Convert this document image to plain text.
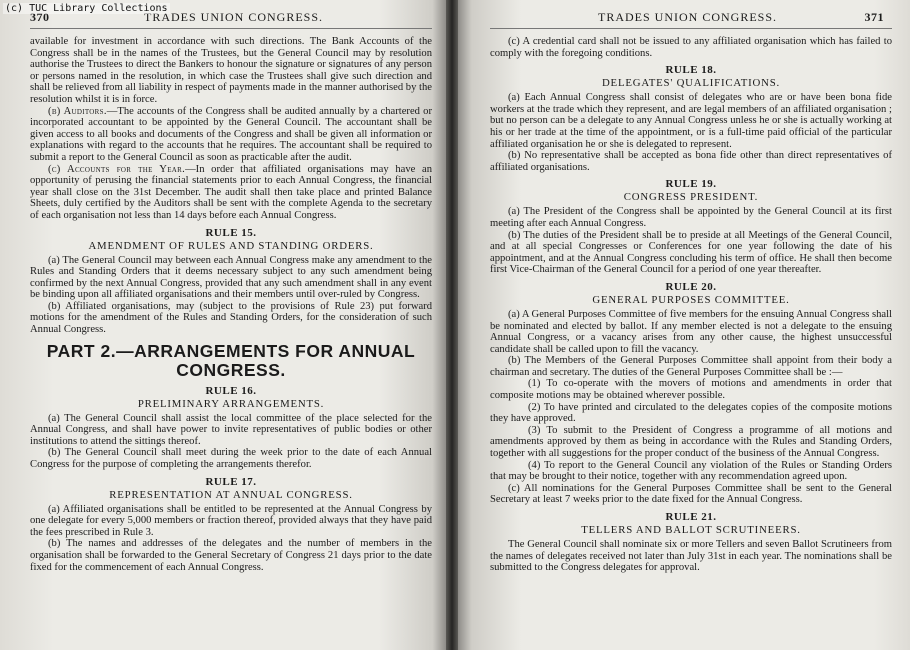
(c) TUC Library Collections
370	TRADES UNION CONGRESS.

available for investment in accordance with such directions. The Bank Accounts of the Congress shall be in the names of the Trustees, but the General Council may by resolution authorise the Trustees to direct the Bankers to honour the signature or signatures of any person or persons named in the resolution, in which case the Trustees shall give such direction and shall be relieved from all liability in respect of payments made in the manner authorised by the resolution whilst it is in force.

(b) Auditors.—The accounts of the Congress shall be audited annually by a chartered or incorporated accountant to be appointed by the General Council. The accountant shall be given access to all books and documents of the Congress and shall be given all information or explanations with regard to the accounts that he requires. The accountant shall be required to submit a report to the General Council as soon as practicable after the audit.

(c) Accounts for the Year.—In order that affiliated organisations may have an opportunity of perusing the financial statements prior to each Annual Congress, the financial year shall close on the 31st December. The audit shall then take place and printed Balance Sheets, duly certified by the Auditors shall be sent with the complete Agenda to the secretary of each organisation not less than 14 days before each Annual Congress.

RULE 15.
AMENDMENT OF RULES AND STANDING ORDERS.

(a) The General Council may between each Annual Congress make any amendment to the Rules and Standing Orders that it deems necessary subject to any such amendment being confirmed by the next Annual Congress, provided that any such amendment shall in any event be binding upon all affiliated organisations and their members until over-ruled by Congress.

(b) Affiliated organisations, may (subject to the provisions of Rule 23) put forward motions for the amendment of the Rules and Standing Orders, for the consideration of such Annual Congress.

PART 2.—ARRANGEMENTS FOR ANNUAL CONGRESS.
RULE 16.
PRELIMINARY ARRANGEMENTS.

(a) The General Council shall assist the local committee of the place selected for the Annual Congress, and shall have power to invite representatives of public bodies or other institutions to attend the sittings thereof.

(b) The General Council shall meet during the week prior to the date of each Annual Congress for the purpose of completing the arrangements therefor.

RULE 17.
REPRESENTATION AT ANNUAL CONGRESS.

(a) Affiliated organisations shall be entitled to be represented at the Annual Congress by one delegate for every 5,000 members or fraction thereof, provided always that they have paid the fees prescribed in Rule 3.

(b) The names and addresses of the delegates and the number of members in the organisation shall be forwarded to the General Secretary of Congress 21 days prior to the date fixed for the commencement of each Annual Congress.

TRADES UNION CONGRESS.	371

(c) A credential card shall not be issued to any affiliated organisation which has failed to comply with the foregoing conditions.

RULE 18.
DELEGATES' QUALIFICATIONS.

(a) Each Annual Congress shall consist of delegates who are or have been bona fide workers at the trade which they represent, and are legal members of an affiliated organisation ; but no person can be a delegate to any Annual Congress unless he or she is actually working at his or her trade at the time of the appointment, or is a full-time paid official of the particular affiliated organisation he or she is delegated to represent.

(b) No representative shall be accepted as bona fide other than direct representatives of affiliated organisations.

RULE 19.
CONGRESS PRESIDENT.

(a) The President of the Congress shall be appointed by the General Council at its first meeting after each Annual Congress.

(b) The duties of the President shall be to preside at all Meetings of the General Council, and at all special Congresses or Conferences for one year following the date of his appointment, and at the Annual Congress concluding his term of office. He shall then become first Vice-Chairman of the General Council for a period of one year thereafter.

RULE 20.
GENERAL PURPOSES COMMITTEE.

(a) A General Purposes Committee of five members for the ensuing Annual Congress shall be nominated and elected by ballot. If any member elected is not a delegate to the ensuing Annual Congress, or a vacancy arises from any other cause, the highest unsuccessful candidate shall be called upon to fill the vacancy.

(b) The Members of the General Purposes Committee shall appoint from their body a chairman and secretary. The duties of the General Purposes Committee shall be :—

(1) To co-operate with the movers of motions and amendments in order that composite motions may be obtained wherever possible.

(2) To have printed and circulated to the delegates copies of the composite motions they have approved.

(3) To submit to the President of Congress a programme of all motions and amendments approved by them as being in accordance with the Rules and Standing Orders, together with all suggestions for the proper conduct of the business of the Annual Congress.

(4) To report to the General Council any violation of the Rules or Standing Orders that may be brought to their notice, together with any recommendation agreed upon.

(c) All nominations for the General Purposes Committee shall be sent to the General Secretary at least 7 weeks prior to the date fixed for the Annual Congress.

RULE 21.
TELLERS AND BALLOT SCRUTINEERS.

The General Council shall nominate six or more Tellers and seven Ballot Scrutineers from the names of delegates received not later than July 31st in each year. The nominations shall be submitted to the Congress delegates for approval.
